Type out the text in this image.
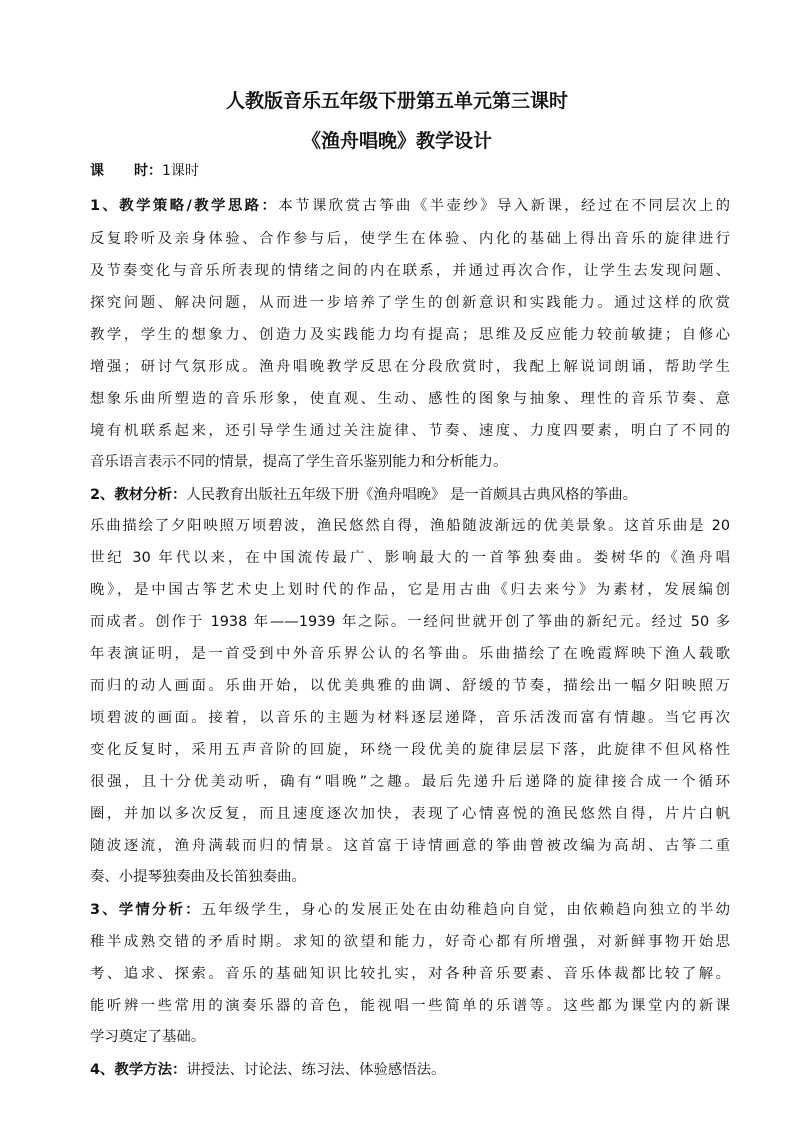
人教版音乐五年级下册第五单元第三课时
《渔舟唱晚》教学设计
课 时：1课时
1、教学策略/教学思路：本节课欣赏古筝曲《半壶纱》导入新课，经过在不同层次上的
反复聆听及亲身体验、合作参与后，使学生在体验、内化的基础上得出音乐的旋律进行
及节奏变化与音乐所表现的情绪之间的内在联系，并通过再次合作，让学生去发现问题、
探究问题、解决问题，从而进一步培养了学生的创新意识和实践能力。通过这样的欣赏
教学，学生的想象力、创造力及实践能力均有提高；思维及反应能力较前敏捷；自修心
增强；研讨气氛形成。渔舟唱晚教学反思在分段欣赏时，我配上解说词朗诵，帮助学生
想象乐曲所塑造的音乐形象，使直观、生动、感性的图象与抽象、理性的音乐节奏、意
境有机联系起来，还引导学生通过关注旋律、节奏、速度、力度四要素，明白了不同的
音乐语言表示不同的情景，提高了学生音乐鉴别能力和分析能力。
2、教材分析：人民教育出版社五年级下册《渔舟唱晚》 是一首颇具古典风格的筝曲。
乐曲描绘了夕阳映照万顷碧波，渔民悠然自得，渔船随波渐远的优美景象。这首乐曲是 20
世纪 30 年代以来，在中国流传最广、影响最大的一首筝独奏曲。娄树华的《渔舟唱
晚》，是中国古筝艺术史上划时代的作品，它是用古曲《归去来兮》为素材，发展编创
而成者。创作于 1938 年——1939 年之际。一经问世就开创了筝曲的新纪元。经过 50 多
年表演证明，是一首受到中外音乐界公认的名筝曲。乐曲描绘了在晚霞辉映下渔人载歌
而归的动人画面。乐曲开始，以优美典雅的曲调、舒缓的节奏，描绘出一幅夕阳映照万
顷碧波的画面。接着，以音乐的主题为材料逐层递降，音乐活泼而富有情趣。当它再次
变化反复时，采用五声音阶的回旋，环绕一段优美的旋律层层下落，此旋律不但风格性
很强，且十分优美动听，确有“唱晚”之趣。最后先递升后递降的旋律接合成一个循环
圈，并加以多次反复，而且速度逐次加快，表现了心情喜悦的渔民悠然自得，片片白帆
随波逐流，渔舟满载而归的情景。这首富于诗情画意的筝曲曾被改编为高胡、古筝二重
奏、小提琴独奏曲及长笛独奏曲。
3、学情分析：五年级学生，身心的发展正处在由幼稚趋向自觉，由依赖趋向独立的半幼
稚半成熟交错的矛盾时期。求知的欲望和能力，好奇心都有所增强，对新鲜事物开始思
考、追求、探索。音乐的基础知识比较扎实，对各种音乐要素、音乐体裁都比较了解。
能听辨一些常用的演奏乐器的音色，能视唱一些简单的乐谱等。这些都为课堂内的新课
学习奠定了基础。
4、教学方法：讲授法、讨论法、练习法、体验感悟法。
